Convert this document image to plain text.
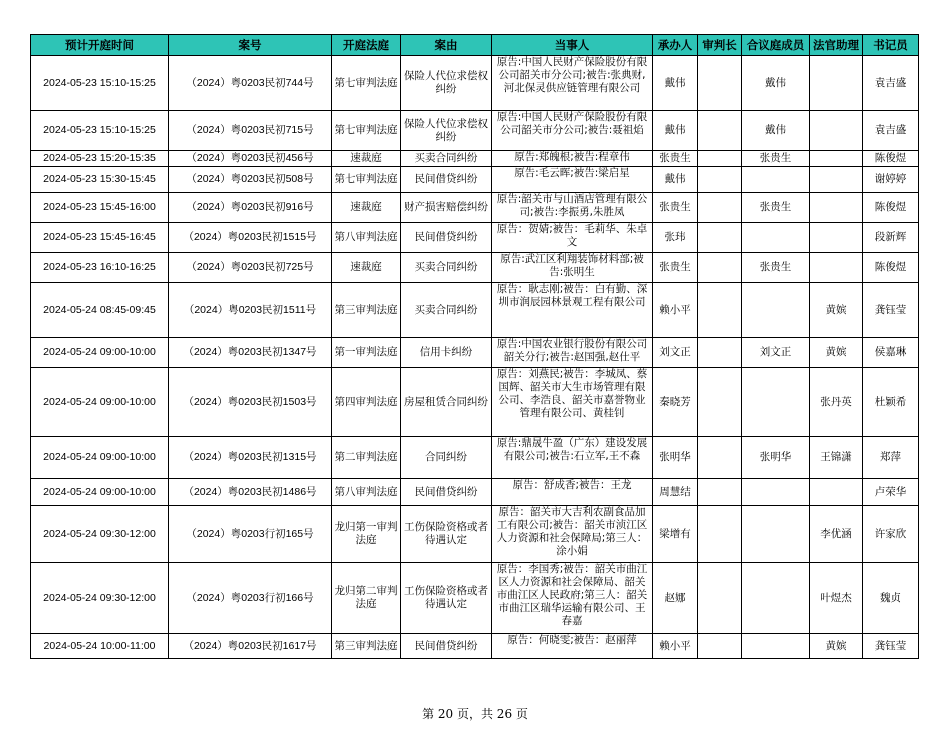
预计开庭时间	案号	开庭法庭	案由	当事人	承办人	审判长	合议庭成员	法官助理	书记员
2024-05-23 15:10-15:25	（2024）粤0203民初744号	第七审判法庭	保险人代位求偿权纠纷	原告:中国人民财产保险股份有限公司韶关市分公司;被告:张典财,河北保灵供应链管理有限公司	戴伟		戴伟		袁吉盛
2024-05-23 15:10-15:25	（2024）粤0203民初715号	第七审判法庭	保险人代位求偿权纠纷	原告:中国人民财产保险股份有限公司韶关市分公司;被告:聂祖焰	戴伟		戴伟		袁吉盛
2024-05-23 15:20-15:35	（2024）粤0203民初456号	速裁庭	买卖合同纠纷	原告:郑魄根;被告:程章伟	张贵生		张贵生		陈俊煜
2024-05-23 15:30-15:45	（2024）粤0203民初508号	第七审判法庭	民间借贷纠纷	原告:毛云晖;被告:梁启星	戴伟				谢婷婷
2024-05-23 15:45-16:00	（2024）粤0203民初916号	速裁庭	财产损害赔偿纠纷	原告:韶关市与山酒店管理有限公司;被告:李振勇,朱胜凤	张贵生		张贵生		陈俊煜
2024-05-23 15:45-16:45	（2024）粤0203民初1515号	第八审判法庭	民间借贷纠纷	原告：贺婧;被告：毛莉华、朱卓文	张玮				段新辉
2024-05-23 16:10-16:25	（2024）粤0203民初725号	速裁庭	买卖合同纠纷	原告:武江区利翔装饰材料部;被告:张明生	张贵生		张贵生		陈俊煜
2024-05-24 08:45-09:45	（2024）粤0203民初1511号	第三审判法庭	买卖合同纠纷	原告：耿志刚;被告：白有勤、深圳市润辰园林景观工程有限公司	赖小平			黄嫔	龚钰莹
2024-05-24 09:00-10:00	（2024）粤0203民初1347号	第一审判法庭	信用卡纠纷	原告:中国农业银行股份有限公司韶关分行;被告:赵国强,赵仕平	刘文正		刘文正	黄嫔	侯嘉琳
2024-05-24 09:00-10:00	（2024）粤0203民初1503号	第四审判法庭	房屋租赁合同纠纷	原告：刘燕民;被告：李城凤、蔡国辉、韶关市大生市场管理有限公司、李浩良、韶关市嘉誉物业管理有限公司、黄桂钊	秦晓芳			张丹英	杜颖希
2024-05-24 09:00-10:00	（2024）粤0203民初1315号	第二审判法庭	合同纠纷	原告:鼎晟牛盈（广东）建设发展有限公司;被告:石立军,王不森	张明华		张明华	王锦潇	郑萍
2024-05-24 09:00-10:00	（2024）粤0203民初1486号	第八审判法庭	民间借贷纠纷	原告：舒成香;被告：王龙	周慧结				卢荣华
2024-05-24 09:30-12:00	（2024）粤0203行初165号	龙归第一审判法庭	工伤保险资格或者待遇认定	原告：韶关市大吉利农副食品加工有限公司;被告：韶关市浈江区人力资源和社会保障局;第三人：涂小娟	梁增有			李优涵	许家欣
2024-05-24 09:30-12:00	（2024）粤0203行初166号	龙归第二审判法庭	工伤保险资格或者待遇认定	原告：李国秀;被告：韶关市曲江区人力资源和社会保障局、韶关市曲江区人民政府;第三人：韶关市曲江区瑞华运输有限公司、王春嘉	赵娜			叶煜杰	魏贞
2024-05-24 10:00-11:00	（2024）粤0203民初1617号	第三审判法庭	民间借贷纠纷	原告：何晓雯;被告：赵丽萍	赖小平			黄嫔	龚钰莹
第 20 页，共 26 页
